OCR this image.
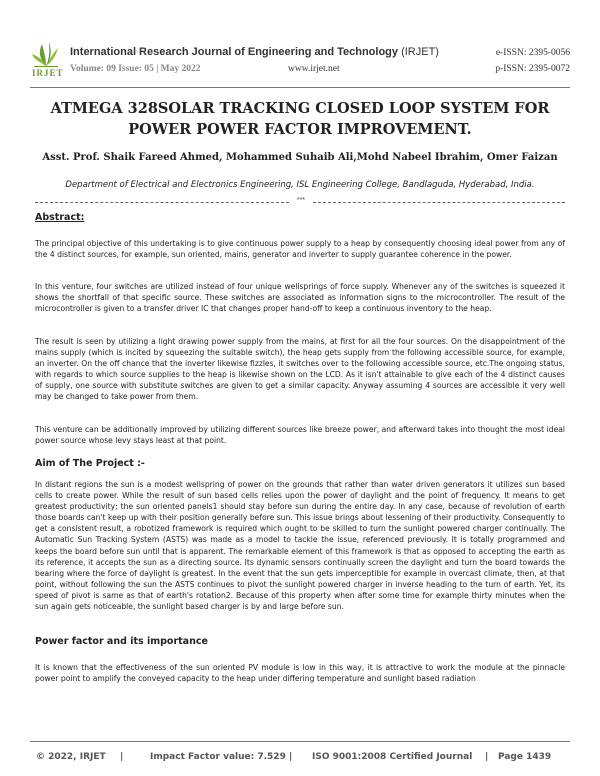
IRJET
International Research Journal of Engineering and Technology (IRJET)
Volume: 09 Issue: 05 | May 2022	www.irjet.net
e-ISSN: 2395-0056
p-ISSN: 2395-0072
ATMEGA 328SOLAR TRACKING CLOSED LOOP SYSTEM FOR POWER POWER FACTOR IMPROVEMENT.
Asst. Prof. Shaik Fareed Ahmed, Mohammed Suhaib Ali,Mohd Nabeel Ibrahim, Omer Faizan
Department of Electrical and Electronics Engineering, ISL Engineering College, Bandlaguda, Hyderabad, India.
***
Abstract:

The principal objective of this undertaking is to give continuous power supply to a heap by consequently choosing ideal power from any of the 4 distinct sources, for example, sun oriented, mains, generator and inverter to supply guarantee coherence in the power.

In this venture, four switches are utilized instead of four unique wellsprings of force supply. Whenever any of the switches is squeezed it shows the shortfall of that specific source. These switches are associated as information signs to the microcontroller. The result of the microcontroller is given to a transfer driver IC that changes proper hand-off to keep a continuous inventory to the heap.

The result is seen by utilizing a light drawing power supply from the mains, at first for all the four sources. On the disappointment of the mains supply (which is incited by squeezing the suitable switch), the heap gets supply from the following accessible source, for example, an inverter. On the off chance that the inverter likewise fizzles, it switches over to the following accessible source, etc.The ongoing status, with regards to which source supplies to the heap is likewise shown on the LCD. As it isn't attainable to give each of the 4 distinct causes of supply, one source with substitute switches are given to get a similar capacity. Anyway assuming 4 sources are accessible it very well may be changed to take power from them.

This venture can be additionally improved by utilizing different sources like breeze power, and afterward takes into thought the most ideal power source whose levy stays least at that point.

Aim of The Project :-

In distant regions the sun is a modest wellspring of power on the grounds that rather than water driven generators it utilizes sun based cells to create power. While the result of sun based cells relies upon the power of daylight and the point of frequency. It means to get greatest productivity; the sun oriented panels1 should stay before sun during the entire day. In any case, because of revolution of earth those boards can't keep up with their position generally before sun. This issue brings about lessening of their productivity. Consequently to get a consistent result, a robotized framework is required which ought to be skilled to turn the sunlight powered charger continually. The Automatic Sun Tracking System (ASTS) was made as a model to tackle the issue, referenced previously. It is totally programmed and keeps the board before sun until that is apparent. The remarkable element of this framework is that as opposed to accepting the earth as its reference, it accepts the sun as a directing source. Its dynamic sensors continually screen the daylight and turn the board towards the bearing where the force of daylight is greatest. In the event that the sun gets imperceptible for example in overcast climate, then, at that point, without following the sun the ASTS continues to pivot the sunlight powered charger in inverse heading to the turn of earth. Yet, its speed of pivot is same as that of earth's rotation2. Because of this property when after some time for example thirty minutes when the sun again gets noticeable, the sunlight based charger is by and large before sun.

Power factor and its importance

It is known that the effectiveness of the sun oriented PV module is low in this way, it is attractive to work the module at the pinnacle power point to amplify the conveyed capacity to the heap under differing temperature and sunlight based radiation

© 2022, IRJET |	Impact Factor value: 7.529 | ISO 9001:2008 Certified Journal | Page 1439
